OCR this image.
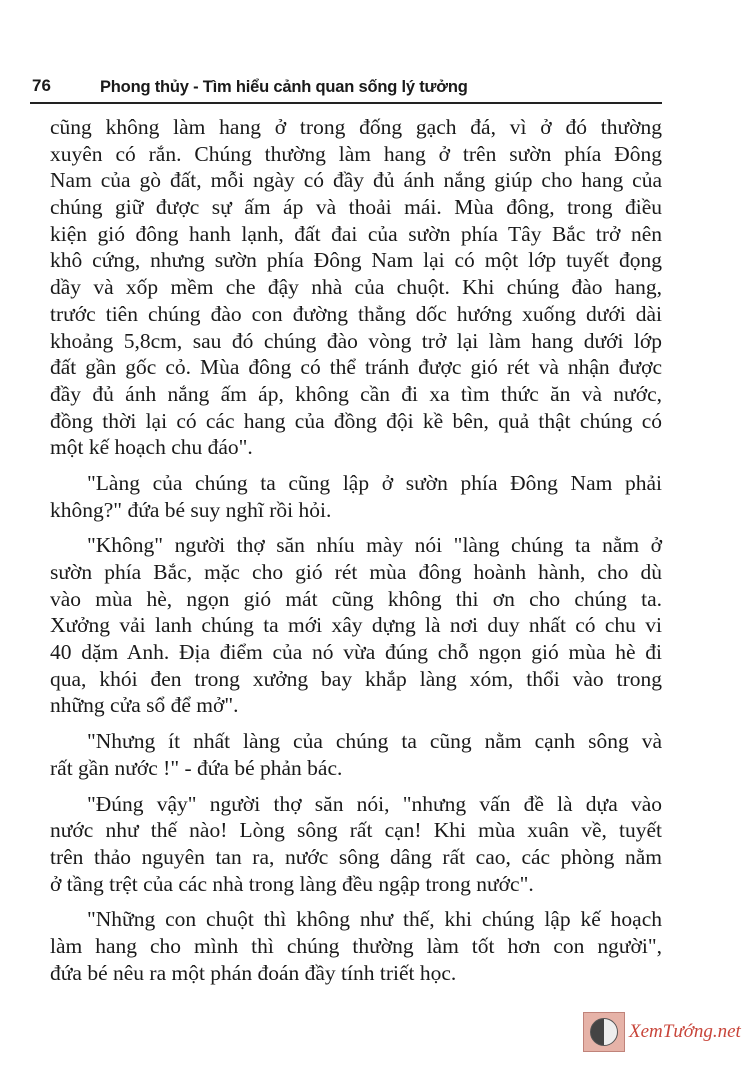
76	Phong thủy - Tìm hiểu cảnh quan sống lý tưởng
cũng không làm hang ở trong đống gạch đá, vì ở đó thường
xuyên có rắn. Chúng thường làm hang ở trên sườn phía Đông
Nam của gò đất, mỗi ngày có đầy đủ ánh nắng giúp cho hang của
chúng giữ được sự ấm áp và thoải mái. Mùa đông, trong điều
kiện gió đông hanh lạnh, đất đai của sườn phía Tây Bắc trở nên
khô cứng, nhưng sườn phía Đông Nam lại có một lớp tuyết đọng
dầy và xốp mềm che đậy nhà của chuột. Khi chúng đào hang,
trước tiên chúng đào con đường thẳng dốc hướng xuống dưới dài
khoảng 5,8cm, sau đó chúng đào vòng trở lại làm hang dưới lớp
đất gần gốc cỏ. Mùa đông có thể tránh được gió rét và nhận được
đầy đủ ánh nắng ấm áp, không cần đi xa tìm thức ăn và nước,
đồng thời lại có các hang của đồng đội kề bên, quả thật chúng có
một kế hoạch chu đáo".
"Làng của chúng ta cũng lập ở sườn phía Đông Nam phải
không?" đứa bé suy nghĩ rồi hỏi.
"Không" người thợ săn nhíu mày nói "làng chúng ta nằm ở
sườn phía Bắc, mặc cho gió rét mùa đông hoành hành, cho dù
vào mùa hè, ngọn gió mát cũng không thi ơn cho chúng ta.
Xưởng vải lanh chúng ta mới xây dựng là nơi duy nhất có chu vi
40 dặm Anh. Địa điểm của nó vừa đúng chỗ ngọn gió mùa hè đi
qua, khói đen trong xưởng bay khắp làng xóm, thổi vào trong
những cửa sổ để mở".
"Nhưng ít nhất làng của chúng ta cũng nằm cạnh sông và
rất gần nước !" - đứa bé phản bác.
"Đúng vậy" người thợ săn nói, "nhưng vấn đề là dựa vào
nước như thế nào! Lòng sông rất cạn! Khi mùa xuân về, tuyết
trên thảo nguyên tan ra, nước sông dâng rất cao, các phòng nằm
ở tầng trệt của các nhà trong làng đều ngập trong nước".
"Những con chuột thì không như thế, khi chúng lập kế hoạch
làm hang cho mình thì chúng thường làm tốt hơn con người",
đứa bé nêu ra một phán đoán đầy tính triết học.
XemTướng.net
